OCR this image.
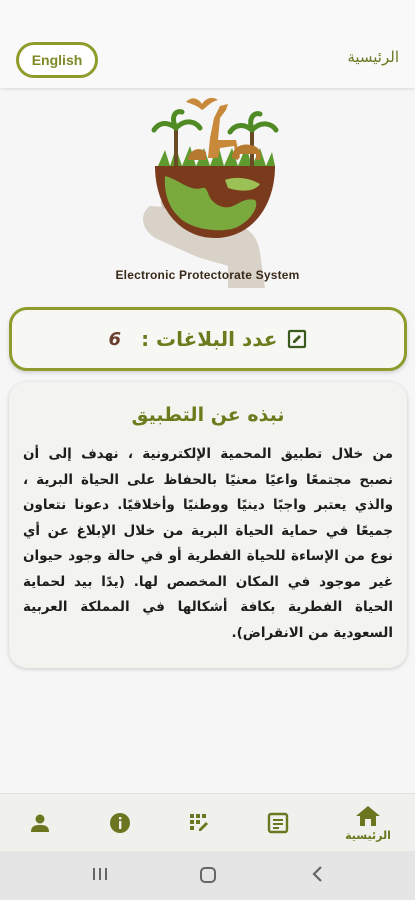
English	الرئيسية
Electronic Protectorate System
عدد البلاغات :
6
نبذه عن التطبيق
من خلال تطبيق المحمية الإلكترونية ، نهدف إلى أن نصبح مجتمعًا واعيًا معنيًا بالحفاظ على الحياة البرية ، والذي يعتبر واجبًا دينيًا ووطنيًا وأخلاقيًا. دعونا نتعاون جميعًا في حماية الحياة البرية من خلال الإبلاغ عن أي نوع من الإساءة للحياة الفطرية أو في حالة وجود حيوان غير موجود في المكان المخصص لها. (يدًا بيد لحماية الحياة الفطرية بكافة أشكالها في المملكة العربية السعودية من الانقراض).
الرئيسية
